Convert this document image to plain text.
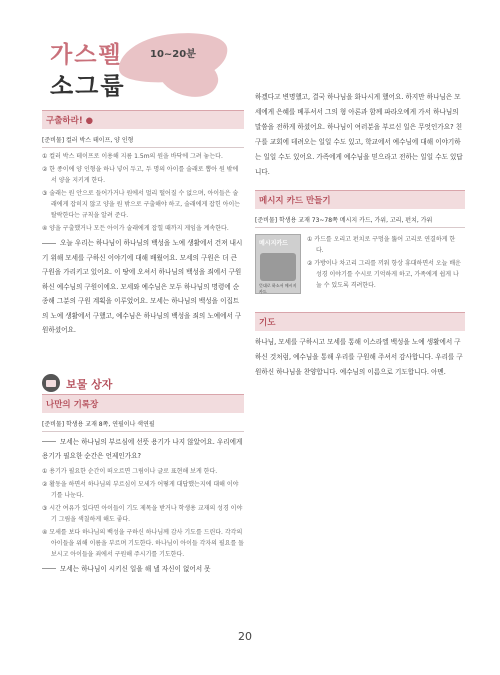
가스펠
소그룹
10~20분
구출하라! ●
[준비물] 컬러 박스 테이프, 양 인형
① 컬러 박스 테이프로 이용해 지름 1.5m의 원을 바닥에 그려 놓는다.
② 한 종이에 양 인형을 하나 넣어 두고, 두 명의 아이를 술래로 뽑아 원 밖에서 양을 지키게 한다.
③ 술래는 원 안으로 들어가거나 원에서 멀리 떨어질 수 없으며, 아이들은 술래에게 잡히지 않고 양을 원 밖으로 구출해야 하고, 술래에게 잡힌 아이는 탈락한다는 규칙을 알려 준다.
④ 양을 구출했거나 모든 아이가 술래에게 잡힐 때까지 게임을 계속한다.
오늘 우리는 하나님이 하나님의 백성을 노예 생활에서 건져 내시기 위해 모세를 구하신 이야기에 대해 배웠어요. 모세의 구원은 더 큰 구원을 가리키고 있어요. 이 땅에 오셔서 하나님의 백성을 죄에서 구원하신 예수님의 구원이에요. 모세와 예수님은 모두 하나님의 명령에 순종해 그분의 구원 계획을 이루었어요. 모세는 하나님의 백성을 이집트의 노예 생활에서 구했고, 예수님은 하나님의 백성을 죄의 노예에서 구원하셨어요.
보물 상자
나만의 기록장
[준비물] 학생용 교재 8쪽, 연필이나 색연필
모세는 하나님의 부르심에 선뜻 용기가 나지 않았어요. 우리에게 용기가 필요한 순간은 언제인가요?
① 용기가 필요한 순간이 떠오르면 그림이나 글로 표현해 보게 한다.
② 활동을 하면서 하나님의 부르심이 모세가 어떻게 대답했는지에 대해 이야기를 나눈다.
③ 시간 여유가 있다면 아이들이 기도 제목을 받거나 학생용 교재의 성경 이야기 그림을 색칠하게 해도 좋다.
④ 모세를 보다 하나님의 백성을 구하신 하나님께 감사 기도를 드린다. 각각의 아이들을 위해 이름을 부르며 기도한다. 하나님이 아이들 각자의 필요를 돌보시고 아이들을 죄에서 구원해 주시기를 기도한다.
모세는 하나님이 시키신 일을 해 낼 자신이 없어서 못

하겠다고 변명했고, 결국 하나님을 화나시게 했어요. 하지만 하나님은 모세에게 은혜를 베푸셔서 그의 형 아론과 함께 파라오에게 가서 하나님의 말씀을 전하게 하셨어요. 하나님이 여러분을 부르신 일은 무엇인가요? 친구를 교회에 데려오는 일일 수도 있고, 학교에서 예수님에 대해 이야기하는 일일 수도 있어요. 가족에게 예수님을 믿으라고 전하는 일일 수도 있답니다.

메시지 카드 만들기
[준비물] 학생용 교재 73~78쪽 메시지 카드, 가위, 고리, 펀치, 가위
메시지카드
뜻대로 하소서 메시지카드
① 카드를 오리고 펀치로 구멍을 뚫어 고리로 연결하게 한다.
② 가방이나 차고리 그리를 끼워 항상 휴대하면서 오늘 배운 성경 이야기를 수시로 기억하게 하고, 가족에게 쉽게 나눌 수 있도록 격려한다.
기도

하나님, 모세를 구하시고 모세를 통해 이스라엘 백성을 노예 생활에서 구하신 것처럼, 예수님을 통해 우리를 구원해 주셔서 감사합니다. 우리를 구원하신 하나님을 찬양합니다. 예수님의 이름으로 기도합니다. 아멘.

20
